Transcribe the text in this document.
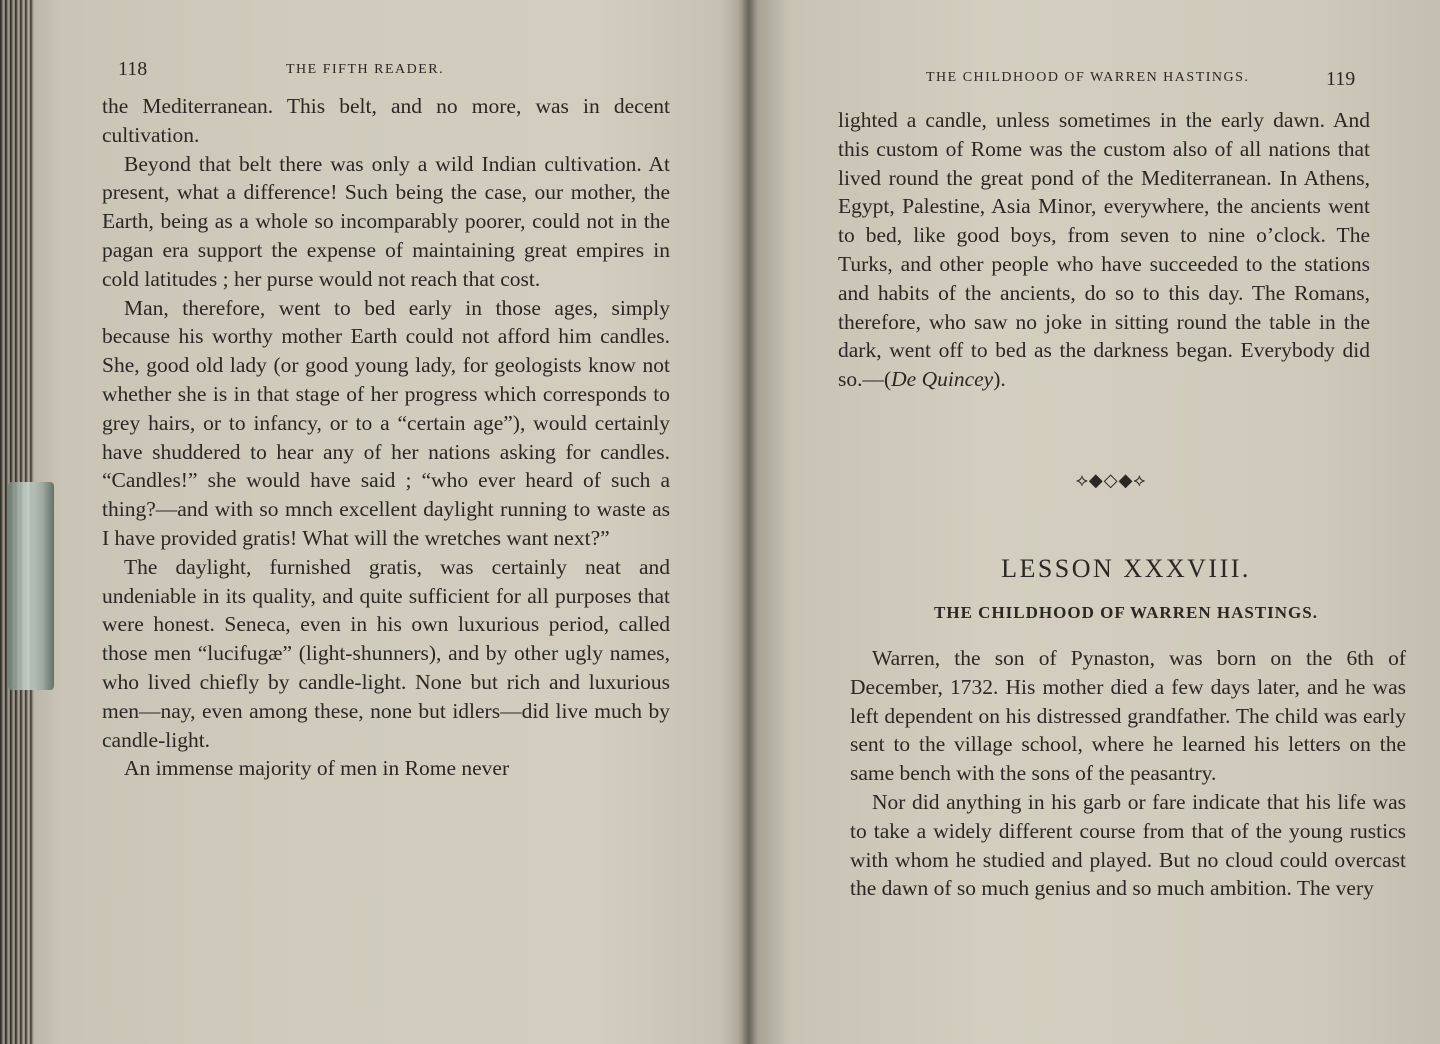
118	THE FIFTH READER.

the Mediterranean. This belt, and no more, was in decent cultivation.

Beyond that belt there was only a wild Indian cultivation. At present, what a difference! Such being the case, our mother, the Earth, being as a whole so incomparably poorer, could not in the pagan era support the expense of maintaining great empires in cold latitudes ; her purse would not reach that cost.

Man, therefore, went to bed early in those ages, simply because his worthy mother Earth could not afford him candles. She, good old lady (or good young lady, for geologists know not whether she is in that stage of her progress which corresponds to grey hairs, or to infancy, or to a “certain age”), would certainly have shuddered to hear any of her nations asking for candles. “Candles!” she would have said ; “who ever heard of such a thing?—and with so mnch excellent daylight running to waste as I have provided gratis! What will the wretches want next?”

The daylight, furnished gratis, was certainly neat and undeniable in its quality, and quite sufficient for all purposes that were honest. Seneca, even in his own luxurious period, called those men “lucifugæ” (light-shunners), and by other ugly names, who lived chiefly by candle-light. None but rich and luxurious men—nay, even among these, none but idlers—did live much by candle-light.

An immense majority of men in Rome never

THE CHILDHOOD OF WARREN HASTINGS.	119

lighted a candle, unless sometimes in the early dawn. And this custom of Rome was the custom also of all nations that lived round the great pond of the Mediterranean. In Athens, Egypt, Palestine, Asia Minor, everywhere, the ancients went to bed, like good boys, from seven to nine o’clock. The Turks, and other people who have succeeded to the stations and habits of the ancients, do so to this day. The Romans, therefore, who saw no joke in sitting round the table in the dark, went off to bed as the darkness began. Everybody did so.—(De Quincey).

⟡◆◇◆⟡
LESSON XXXVIII.
THE CHILDHOOD OF WARREN HASTINGS.

Warren, the son of Pynaston, was born on the 6th of December, 1732. His mother died a few days later, and he was left dependent on his distressed grandfather. The child was early sent to the village school, where he learned his letters on the same bench with the sons of the peasantry.

Nor did anything in his garb or fare indicate that his life was to take a widely different course from that of the young rustics with whom he studied and played. But no cloud could overcast the dawn of so much genius and so much ambition. The very
